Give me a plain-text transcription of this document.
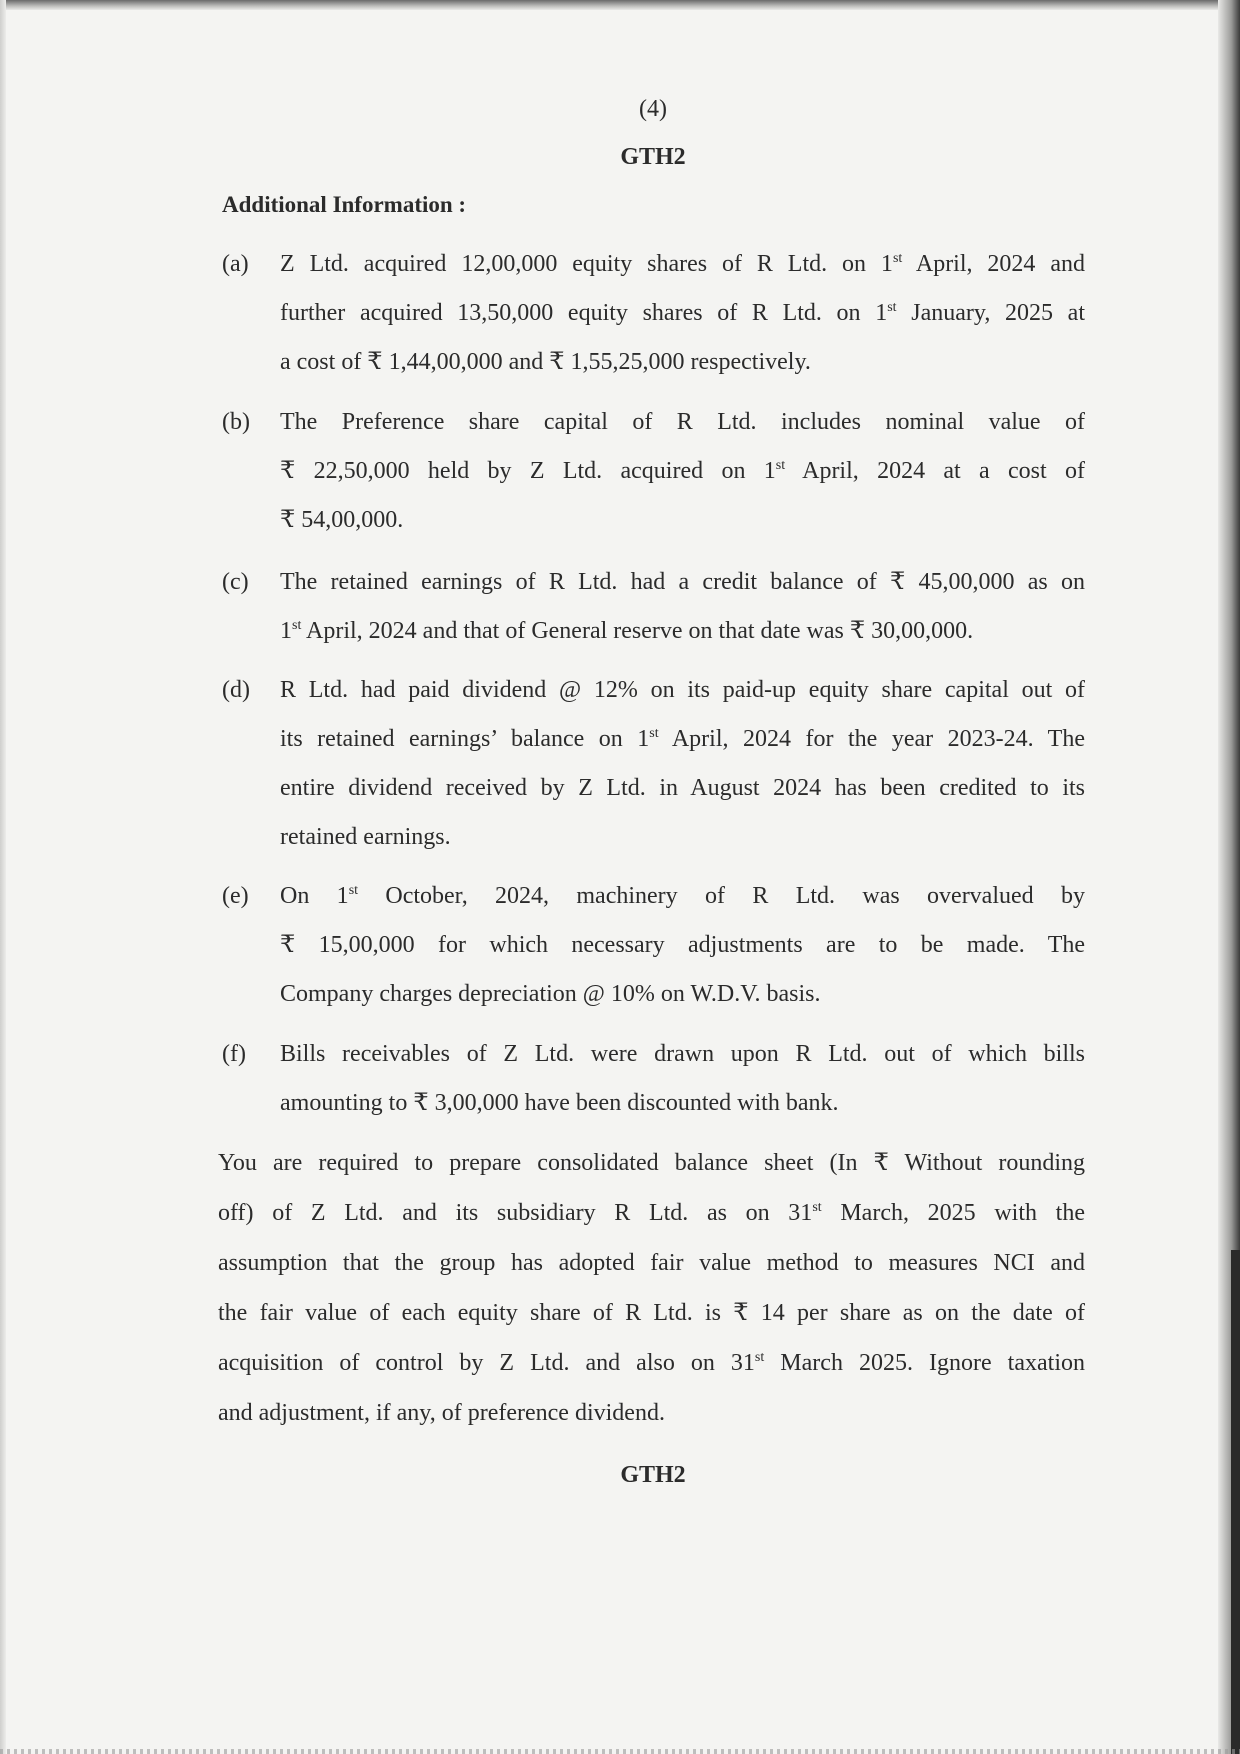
(4)
GTH2
Additional Information :
(a) Z Ltd. acquired 12,00,000 equity shares of R Ltd. on 1st April, 2024 and
further acquired 13,50,000 equity shares of R Ltd. on 1st January, 2025 at
a cost of ₹ 1,44,00,000 and ₹ 1,55,25,000 respectively.
(b) The Preference share capital of R Ltd. includes nominal value of
₹ 22,50,000 held by Z Ltd. acquired on 1st April, 2024 at a cost of
₹ 54,00,000.
(c) The retained earnings of R Ltd. had a credit balance of ₹ 45,00,000 as on
1st April, 2024 and that of General reserve on that date was ₹ 30,00,000.
(d) R Ltd. had paid dividend @ 12% on its paid-up equity share capital out of
its retained earnings’ balance on 1st April, 2024 for the year 2023-24. The
entire dividend received by Z Ltd. in August 2024 has been credited to its
retained earnings.
(e) On 1st October, 2024, machinery of R Ltd. was overvalued by
₹ 15,00,000 for which necessary adjustments are to be made. The
Company charges depreciation @ 10% on W.D.V. basis.
(f) Bills receivables of Z Ltd. were drawn upon R Ltd. out of which bills
amounting to ₹ 3,00,000 have been discounted with bank.
You are required to prepare consolidated balance sheet (In ₹ Without rounding
off) of Z Ltd. and its subsidiary R Ltd. as on 31st March, 2025 with the
assumption that the group has adopted fair value method to measures NCI and
the fair value of each equity share of R Ltd. is ₹ 14 per share as on the date of
acquisition of control by Z Ltd. and also on 31st March 2025. Ignore taxation
and adjustment, if any, of preference dividend.
GTH2
